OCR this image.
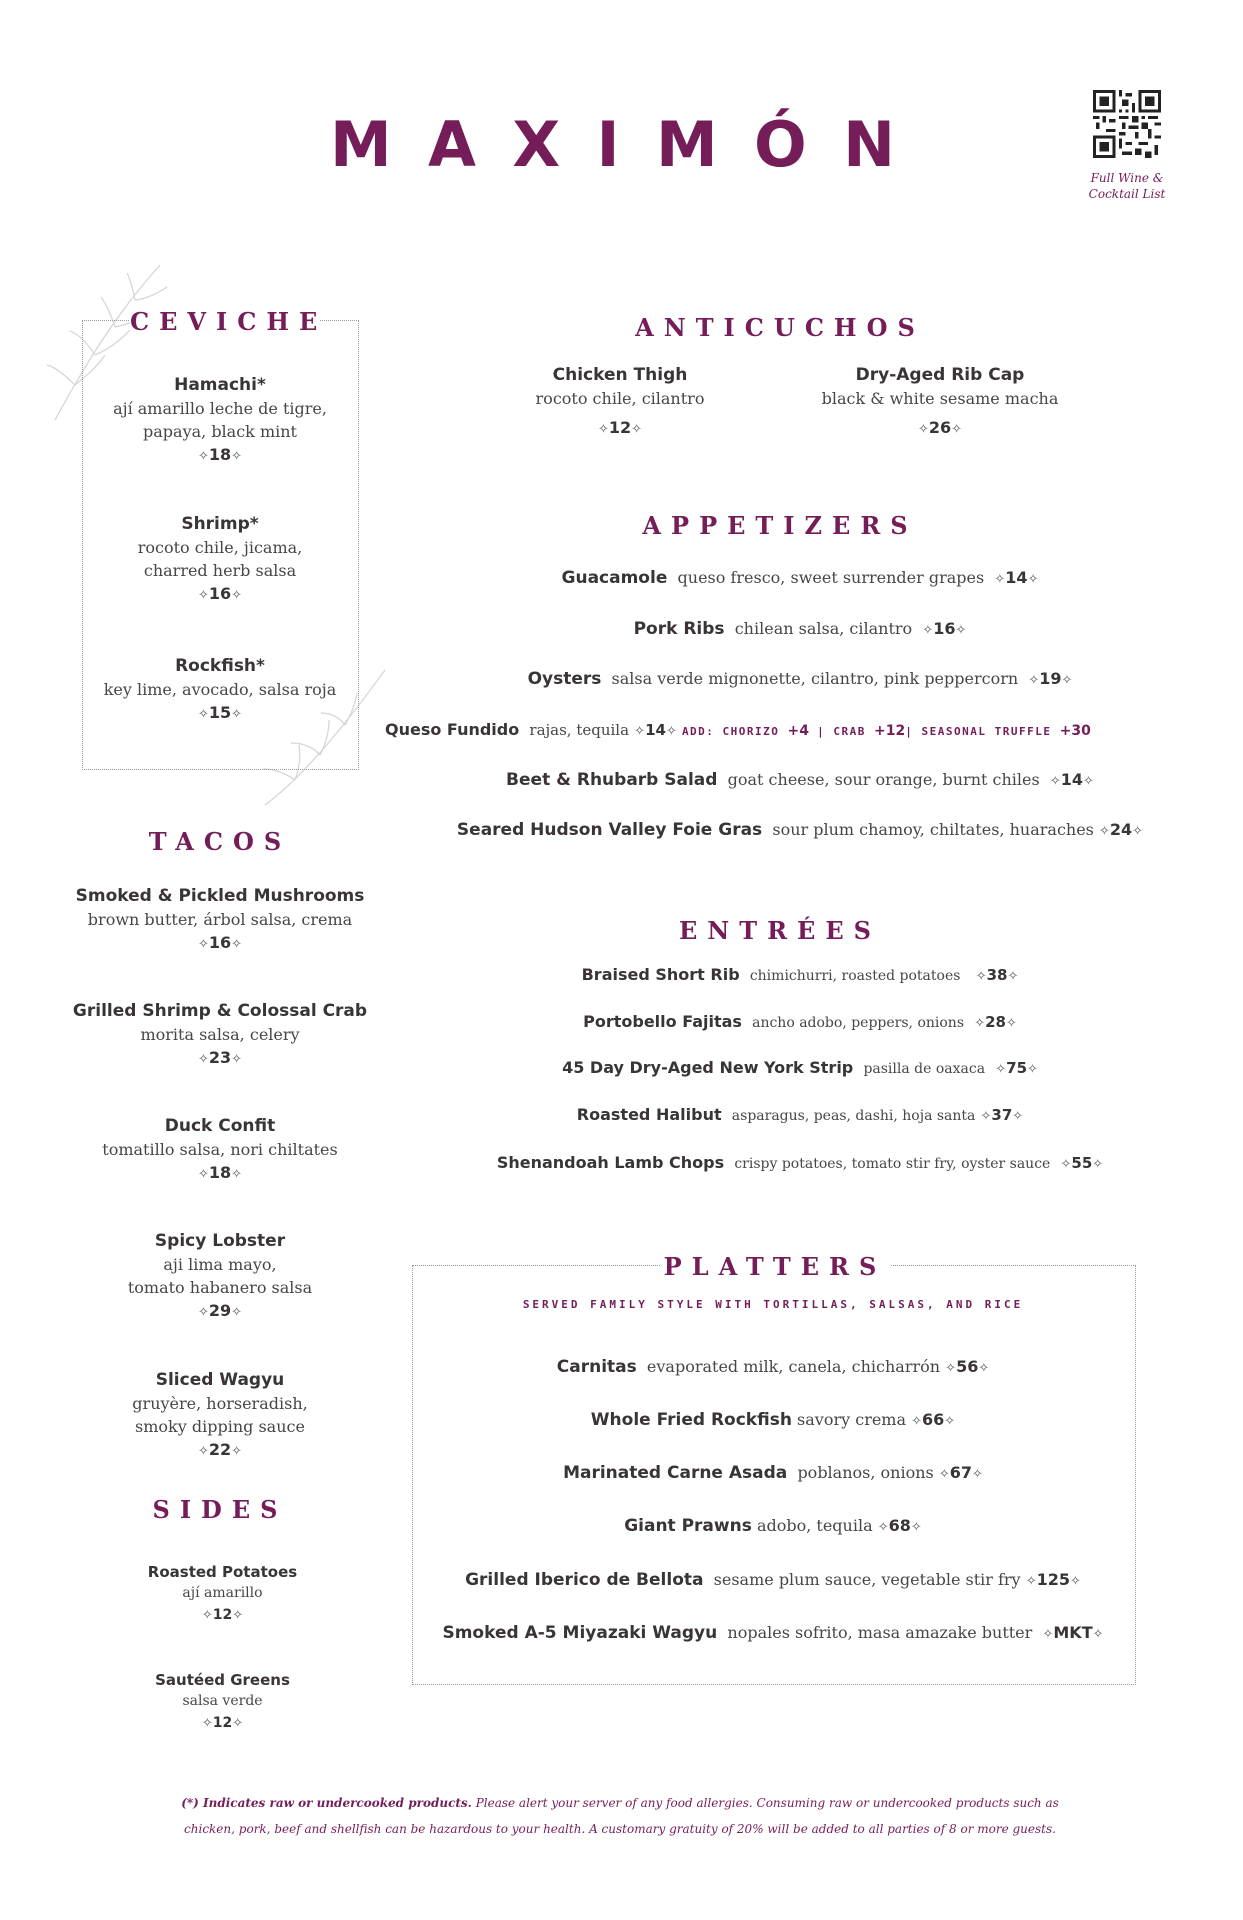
M A X I M Ó N	Full Wine &
Cocktail List
CEVICHE
Hamachi*
ají amarillo leche de tigre,
papaya, black mint
✧18✧
Shrimp*
rocoto chile, jicama,
charred herb salsa
✧16✧
Rockfish*
key lime, avocado, salsa roja
✧15✧
TACOS
Smoked & Pickled Mushrooms
brown butter, árbol salsa, crema
✧16✧
Grilled Shrimp & Colossal Crab
morita salsa, celery
✧23✧
Duck Confit
tomatillo salsa, nori chiltates
✧18✧
Spicy Lobster
aji lima mayo,
tomato habanero salsa
✧29✧
Sliced Wagyu
gruyère, horseradish,
smoky dipping sauce
✧22✧
SIDES
Roasted Potatoes
ají amarillo
✧12✧
Sautéed Greens
salsa verde
✧12✧
ANTICUCHOS
Chicken Thigh
rocoto chile, cilantro
✧12✧
Dry-Aged Rib Cap
black & white sesame macha
✧26✧
APPETIZERS
Guacamole queso fresco, sweet surrender grapes ✧14✧
Pork Ribs chilean salsa, cilantro ✧16✧
Oysters salsa verde mignonette, cilantro, pink peppercorn ✧19✧
Queso Fundido rajas, tequila ✧14✧ ADD: CHORIZO +4 | CRAB +12| SEASONAL TRUFFLE +30
Beet & Rhubarb Salad goat cheese, sour orange, burnt chiles ✧14✧
Seared Hudson Valley Foie Gras sour plum chamoy, chiltates, huaraches ✧24✧
ENTRÉES
Braised Short Rib chimichurri, roasted potatoes ✧38✧
Portobello Fajitas ancho adobo, peppers, onions ✧28✧
45 Day Dry-Aged New York Strip pasilla de oaxaca ✧75✧
Roasted Halibut asparagus, peas, dashi, hoja santa ✧37✧
Shenandoah Lamb Chops crispy potatoes, tomato stir fry, oyster sauce ✧55✧
PLATTERS
SERVED FAMILY STYLE WITH TORTILLAS, SALSAS, AND RICE
Carnitas evaporated milk, canela, chicharrón ✧56✧
Whole Fried Rockfish savory crema ✧66✧
Marinated Carne Asada poblanos, onions ✧67✧
Giant Prawns adobo, tequila ✧68✧
Grilled Iberico de Bellota sesame plum sauce, vegetable stir fry ✧125✧
Smoked A-5 Miyazaki Wagyu nopales sofrito, masa amazake butter ✧MKT✧
(*) Indicates raw or undercooked products. Please alert your server of any food allergies. Consuming raw or undercooked products such as
chicken, pork, beef and shellfish can be hazardous to your health. A customary gratuity of 20% will be added to all parties of 8 or more guests.
